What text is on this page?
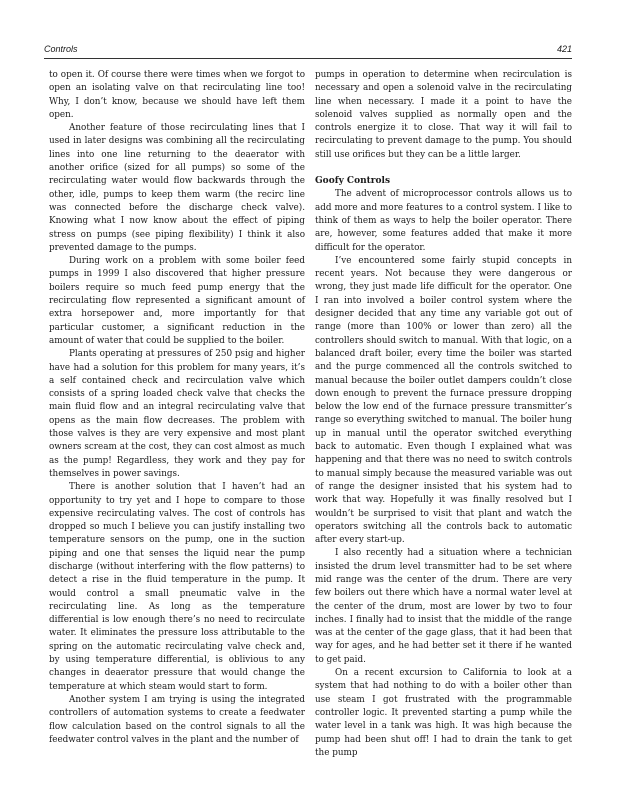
Controls	421

to open it. Of course there were times when we forgot to open an isolating valve on that recirculating line too! Why, I don’t know, because we should have left them open.

Another feature of those recirculating lines that I used in later designs was combining all the recirculating lines into one line returning to the deaerator with another orifice (sized for all pumps) so some of the recirculating water would flow backwards through the other, idle, pumps to keep them warm (the recirc line was connected before the discharge check valve). Knowing what I now know about the effect of piping stress on pumps (see piping flexibility) I think it also prevented damage to the pumps.

During work on a problem with some boiler feed pumps in 1999 I also discovered that higher pressure boilers require so much feed pump energy that the recirculating flow represented a significant amount of extra horsepower and, more importantly for that particular customer, a significant reduction in the amount of water that could be supplied to the boiler.

Plants operating at pressures of 250 psig and higher have had a solution for this problem for many years, it’s a self contained check and recirculation valve which consists of a spring loaded check valve that checks the main fluid flow and an integral recirculating valve that opens as the main flow decreases. The problem with those valves is they are very expensive and most plant owners scream at the cost, they can cost almost as much as the pump! Regardless, they work and they pay for themselves in power savings.

There is another solution that I haven’t had an opportunity to try yet and I hope to compare to those expensive recirculating valves. The cost of controls has dropped so much I believe you can justify installing two temperature sensors on the pump, one in the suction piping and one that senses the liquid near the pump discharge (without interfering with the flow patterns) to detect a rise in the fluid temperature in the pump. It would control a small pneumatic valve in the recirculating line. As long as the temperature differential is low enough there’s no need to recirculate water. It eliminates the pressure loss attributable to the spring on the automatic recirculating valve check and, by using temperature differential, is oblivious to any changes in deaerator pressure that would change the temperature at which steam would start to form.

Another system I am trying is using the integrated controllers of automation systems to create a feedwater flow calculation based on the control signals to all the feedwater control valves in the plant and the number of

pumps in operation to determine when recirculation is necessary and open a solenoid valve in the recirculating line when necessary. I made it a point to have the solenoid valves supplied as normally open and the controls energize it to close. That way it will fail to recirculating to prevent damage to the pump. You should still use orifices but they can be a little larger.

Goofy Controls

The advent of microprocessor controls allows us to add more and more features to a control system. I like to think of them as ways to help the boiler operator. There are, however, some features added that make it more difficult for the operator.

I’ve encountered some fairly stupid concepts in recent years. Not because they were dangerous or wrong, they just made life difficult for the operator. One I ran into involved a boiler control system where the designer decided that any time any variable got out of range (more than 100% or lower than zero) all the controllers should switch to manual. With that logic, on a balanced draft boiler, every time the boiler was started and the purge commenced all the controls switched to manual because the boiler outlet dampers couldn’t close down enough to prevent the furnace pressure dropping below the low end of the furnace pressure transmitter’s range so everything switched to manual. The boiler hung up in manual until the operator switched everything back to automatic. Even though I explained what was happening and that there was no need to switch controls to manual simply because the measured variable was out of range the designer insisted that his system had to work that way. Hopefully it was finally resolved but I wouldn’t be surprised to visit that plant and watch the operators switching all the controls back to automatic after every start-up.

I also recently had a situation where a technician insisted the drum level transmitter had to be set where mid range was the center of the drum. There are very few boilers out there which have a normal water level at the center of the drum, most are lower by two to four inches. I finally had to insist that the middle of the range was at the center of the gage glass, that it had been that way for ages, and he had better set it there if he wanted to get paid.

On a recent excursion to California to look at a system that had nothing to do with a boiler other than use steam I got frustrated with the programmable controller logic. It prevented starting a pump while the water level in a tank was high. It was high because the pump had been shut off! I had to drain the tank to get the pump
